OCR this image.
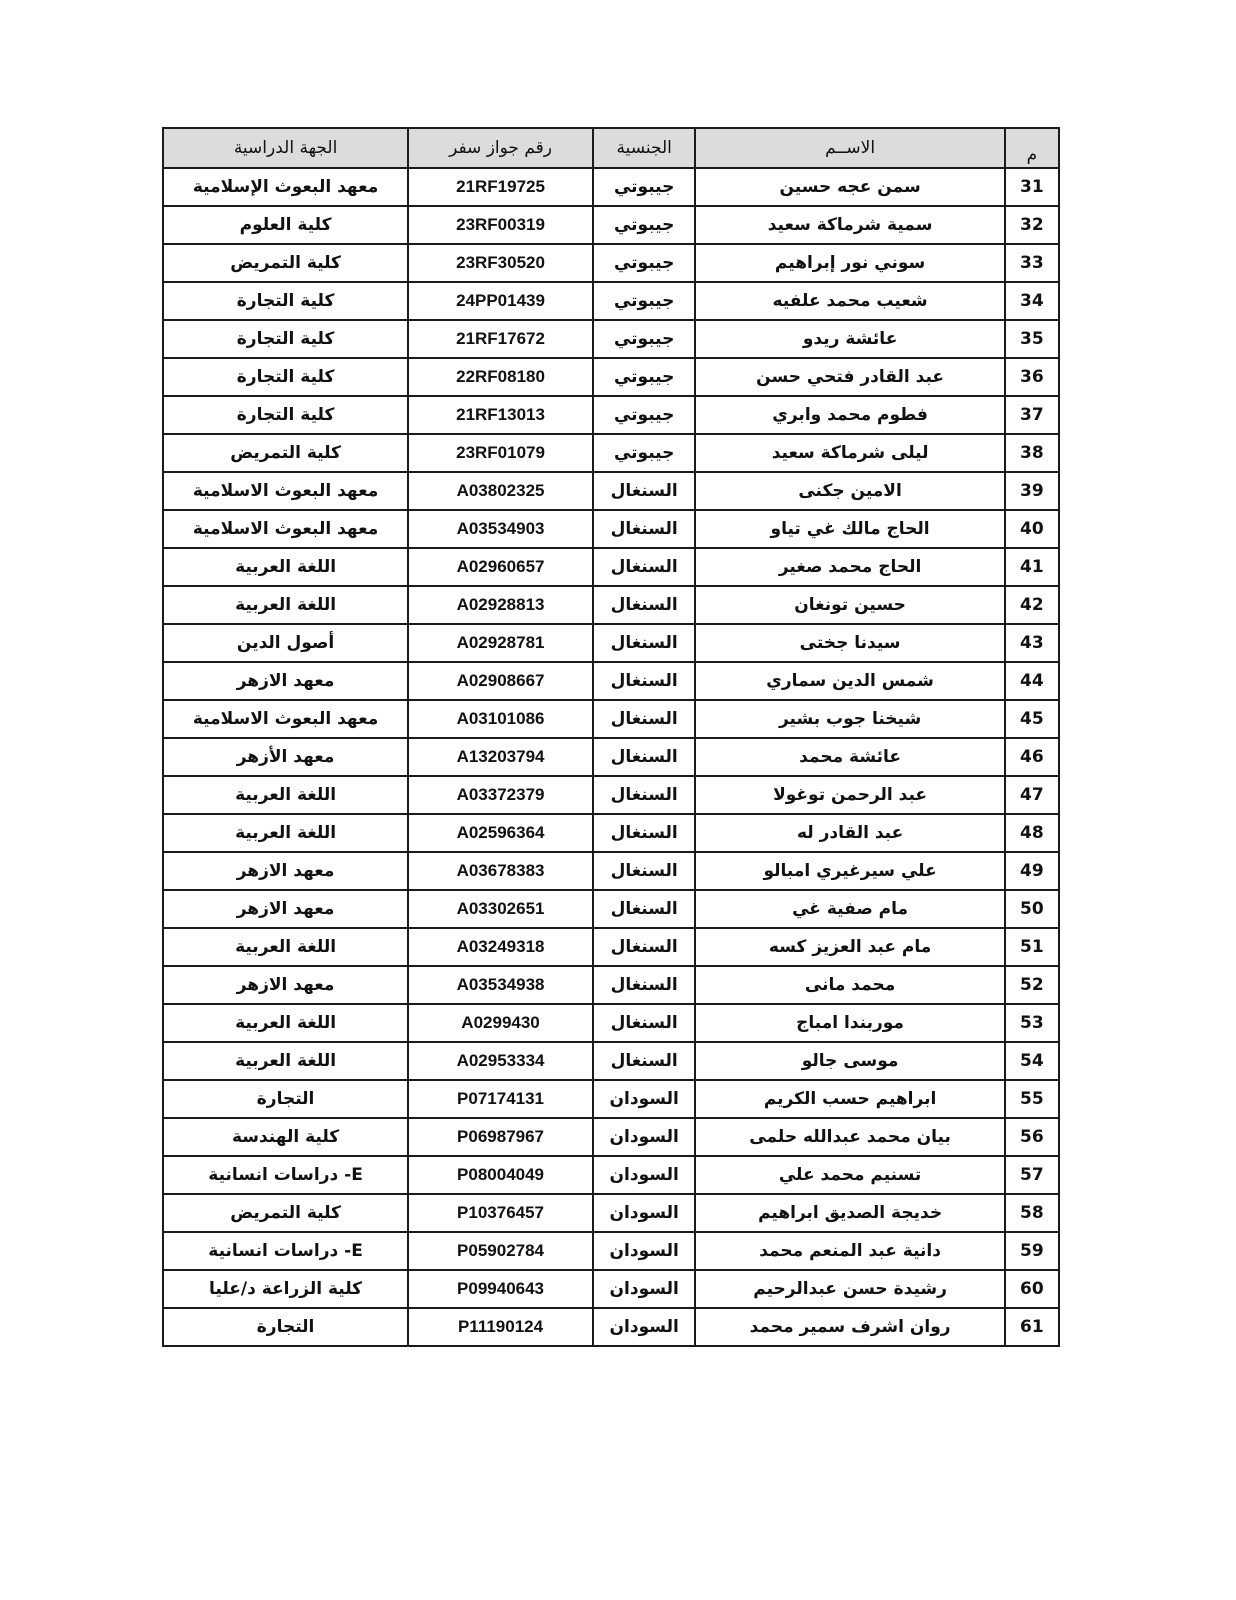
م	الاســم	الجنسية	رقم جواز سفر	الجهة الدراسية
31	سمن عجه حسين	جيبوتي	21RF19725	معهد البعوث الإسلامية
32	سمية شرماكة سعيد	جيبوتي	23RF00319	كلية العلوم
33	سوني نور إبراهيم	جيبوتي	23RF30520	كلية التمريض
34	شعيب محمد علفيه	جيبوتي	24PP01439	كلية التجارة
35	عائشة ريدو	جيبوتي	21RF17672	كلية التجارة
36	عبد القادر فتحي حسن	جيبوتي	22RF08180	كلية التجارة
37	فطوم محمد وابري	جيبوتي	21RF13013	كلية التجارة
38	ليلى شرماكة سعيد	جيبوتي	23RF01079	كلية التمريض
39	الامين جكنى	السنغال	A03802325	معهد البعوث الاسلامية
40	الحاج مالك غي تياو	السنغال	A03534903	معهد البعوث الاسلامية
41	الحاج محمد صغير	السنغال	A02960657	اللغة العربية
42	حسين تونغان	السنغال	A02928813	اللغة العربية
43	سيدنا جختى	السنغال	A02928781	أصول الدين
44	شمس الدين سماري	السنغال	A02908667	معهد الازهر
45	شيخنا جوب بشير	السنغال	A03101086	معهد البعوث الاسلامية
46	عائشة محمد	السنغال	A13203794	معهد الأزهر
47	عبد الرحمن توغولا	السنغال	A03372379	اللغة العربية
48	عبد القادر له	السنغال	A02596364	اللغة العربية
49	علي سيرغيري امبالو	السنغال	A03678383	معهد الازهر
50	مام صفية غي	السنغال	A03302651	معهد الازهر
51	مام عبد العزيز كسه	السنغال	A03249318	اللغة العربية
52	محمد مانى	السنغال	A03534938	معهد الازهر
53	موربندا امباج	السنغال	A0299430	اللغة العربية
54	موسى جالو	السنغال	A02953334	اللغة العربية
55	ابراهيم حسب الكريم	السودان	P07174131	التجارة
56	بيان محمد عبدالله حلمى	السودان	P06987967	كلية الهندسة
57	تسنيم محمد علي	السودان	P08004049	E- دراسات انسانية
58	خديجة الصديق ابراهيم	السودان	P10376457	كلية التمريض
59	دانية عبد المنعم محمد	السودان	P05902784	E- دراسات انسانية
60	رشيدة حسن عبدالرحيم	السودان	P09940643	كلية الزراعة د/عليا
61	روان اشرف سمير محمد	السودان	P11190124	التجارة
